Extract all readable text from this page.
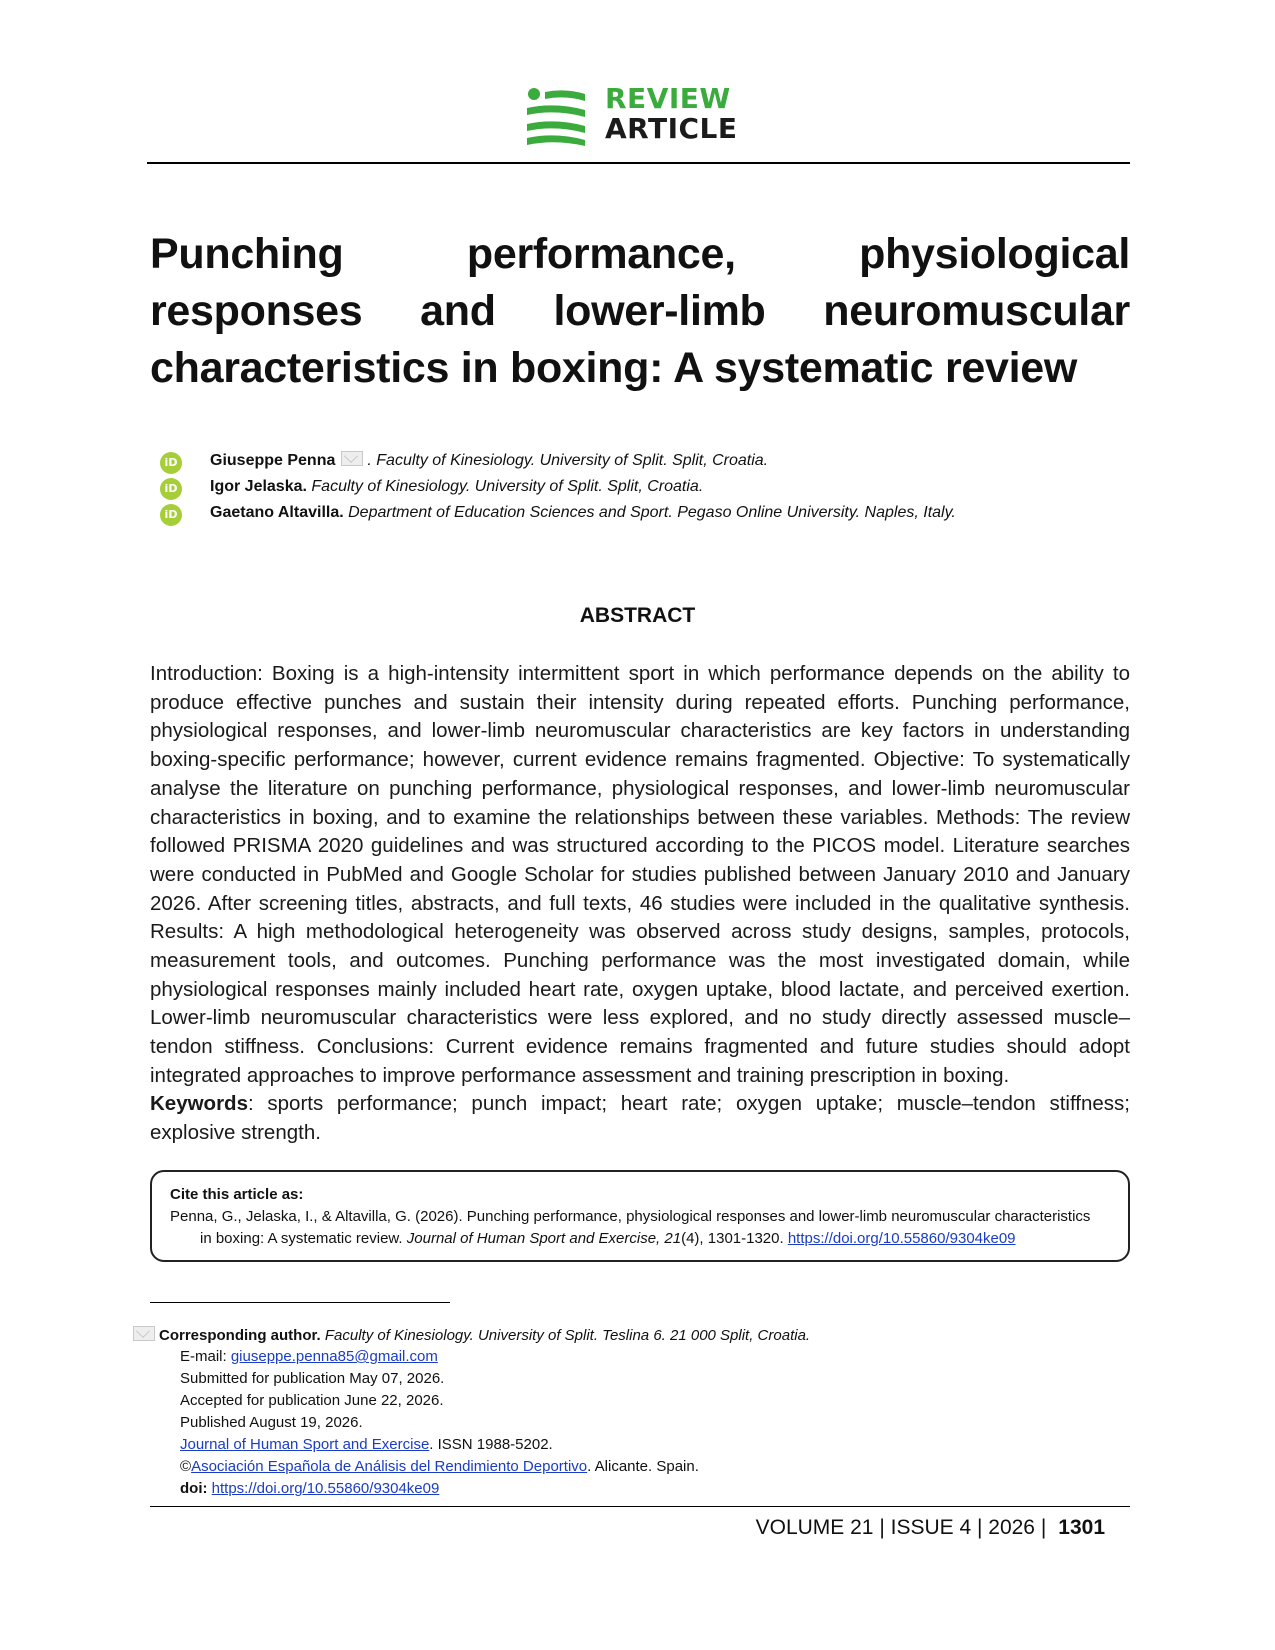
REVIEW
ARTICLE
Punching performance, physiological responses and lower-limb neuromuscular characteristics in boxing: A systematic review
iD Giuseppe Penna . Faculty of Kinesiology. University of Split. Split, Croatia.
iD Igor Jelaska. Faculty of Kinesiology. University of Split. Split, Croatia.
iD Gaetano Altavilla. Department of Education Sciences and Sport. Pegaso Online University. Naples, Italy.
ABSTRACT
Introduction: Boxing is a high-intensity intermittent sport in which performance depends on the ability to produce effective punches and sustain their intensity during repeated efforts. Punching performance, physiological responses, and lower-limb neuromuscular characteristics are key factors in understanding boxing-specific performance; however, current evidence remains fragmented. Objective: To systematically analyse the literature on punching performance, physiological responses, and lower-limb neuromuscular characteristics in boxing, and to examine the relationships between these variables. Methods: The review followed PRISMA 2020 guidelines and was structured according to the PICOS model. Literature searches were conducted in PubMed and Google Scholar for studies published between January 2010 and January 2026. After screening titles, abstracts, and full texts, 46 studies were included in the qualitative synthesis. Results: A high methodological heterogeneity was observed across study designs, samples, protocols, measurement tools, and outcomes. Punching performance was the most investigated domain, while physiological responses mainly included heart rate, oxygen uptake, blood lactate, and perceived exertion. Lower-limb neuromuscular characteristics were less explored, and no study directly assessed muscle–tendon stiffness. Conclusions: Current evidence remains fragmented and future studies should adopt integrated approaches to improve performance assessment and training prescription in boxing.
Keywords: sports performance; punch impact; heart rate; oxygen uptake; muscle–tendon stiffness; explosive strength.
Cite this article as:
Penna, G., Jelaska, I., & Altavilla, G. (2026). Punching performance, physiological responses and lower-limb neuromuscular characteristics
in boxing: A systematic review. Journal of Human Sport and Exercise, 21(4), 1301-1320. https://doi.org/10.55860/9304ke09
Corresponding author. Faculty of Kinesiology. University of Split. Teslina 6. 21 000 Split, Croatia.
E-mail: giuseppe.penna85@gmail.com
Submitted for publication May 07, 2026.
Accepted for publication June 22, 2026.
Published August 19, 2026.
Journal of Human Sport and Exercise. ISSN 1988-5202.
©Asociación Española de Análisis del Rendimiento Deportivo. Alicante. Spain.
doi: https://doi.org/10.55860/9304ke09
VOLUME 21 | ISSUE 4 | 2026 | 1301
